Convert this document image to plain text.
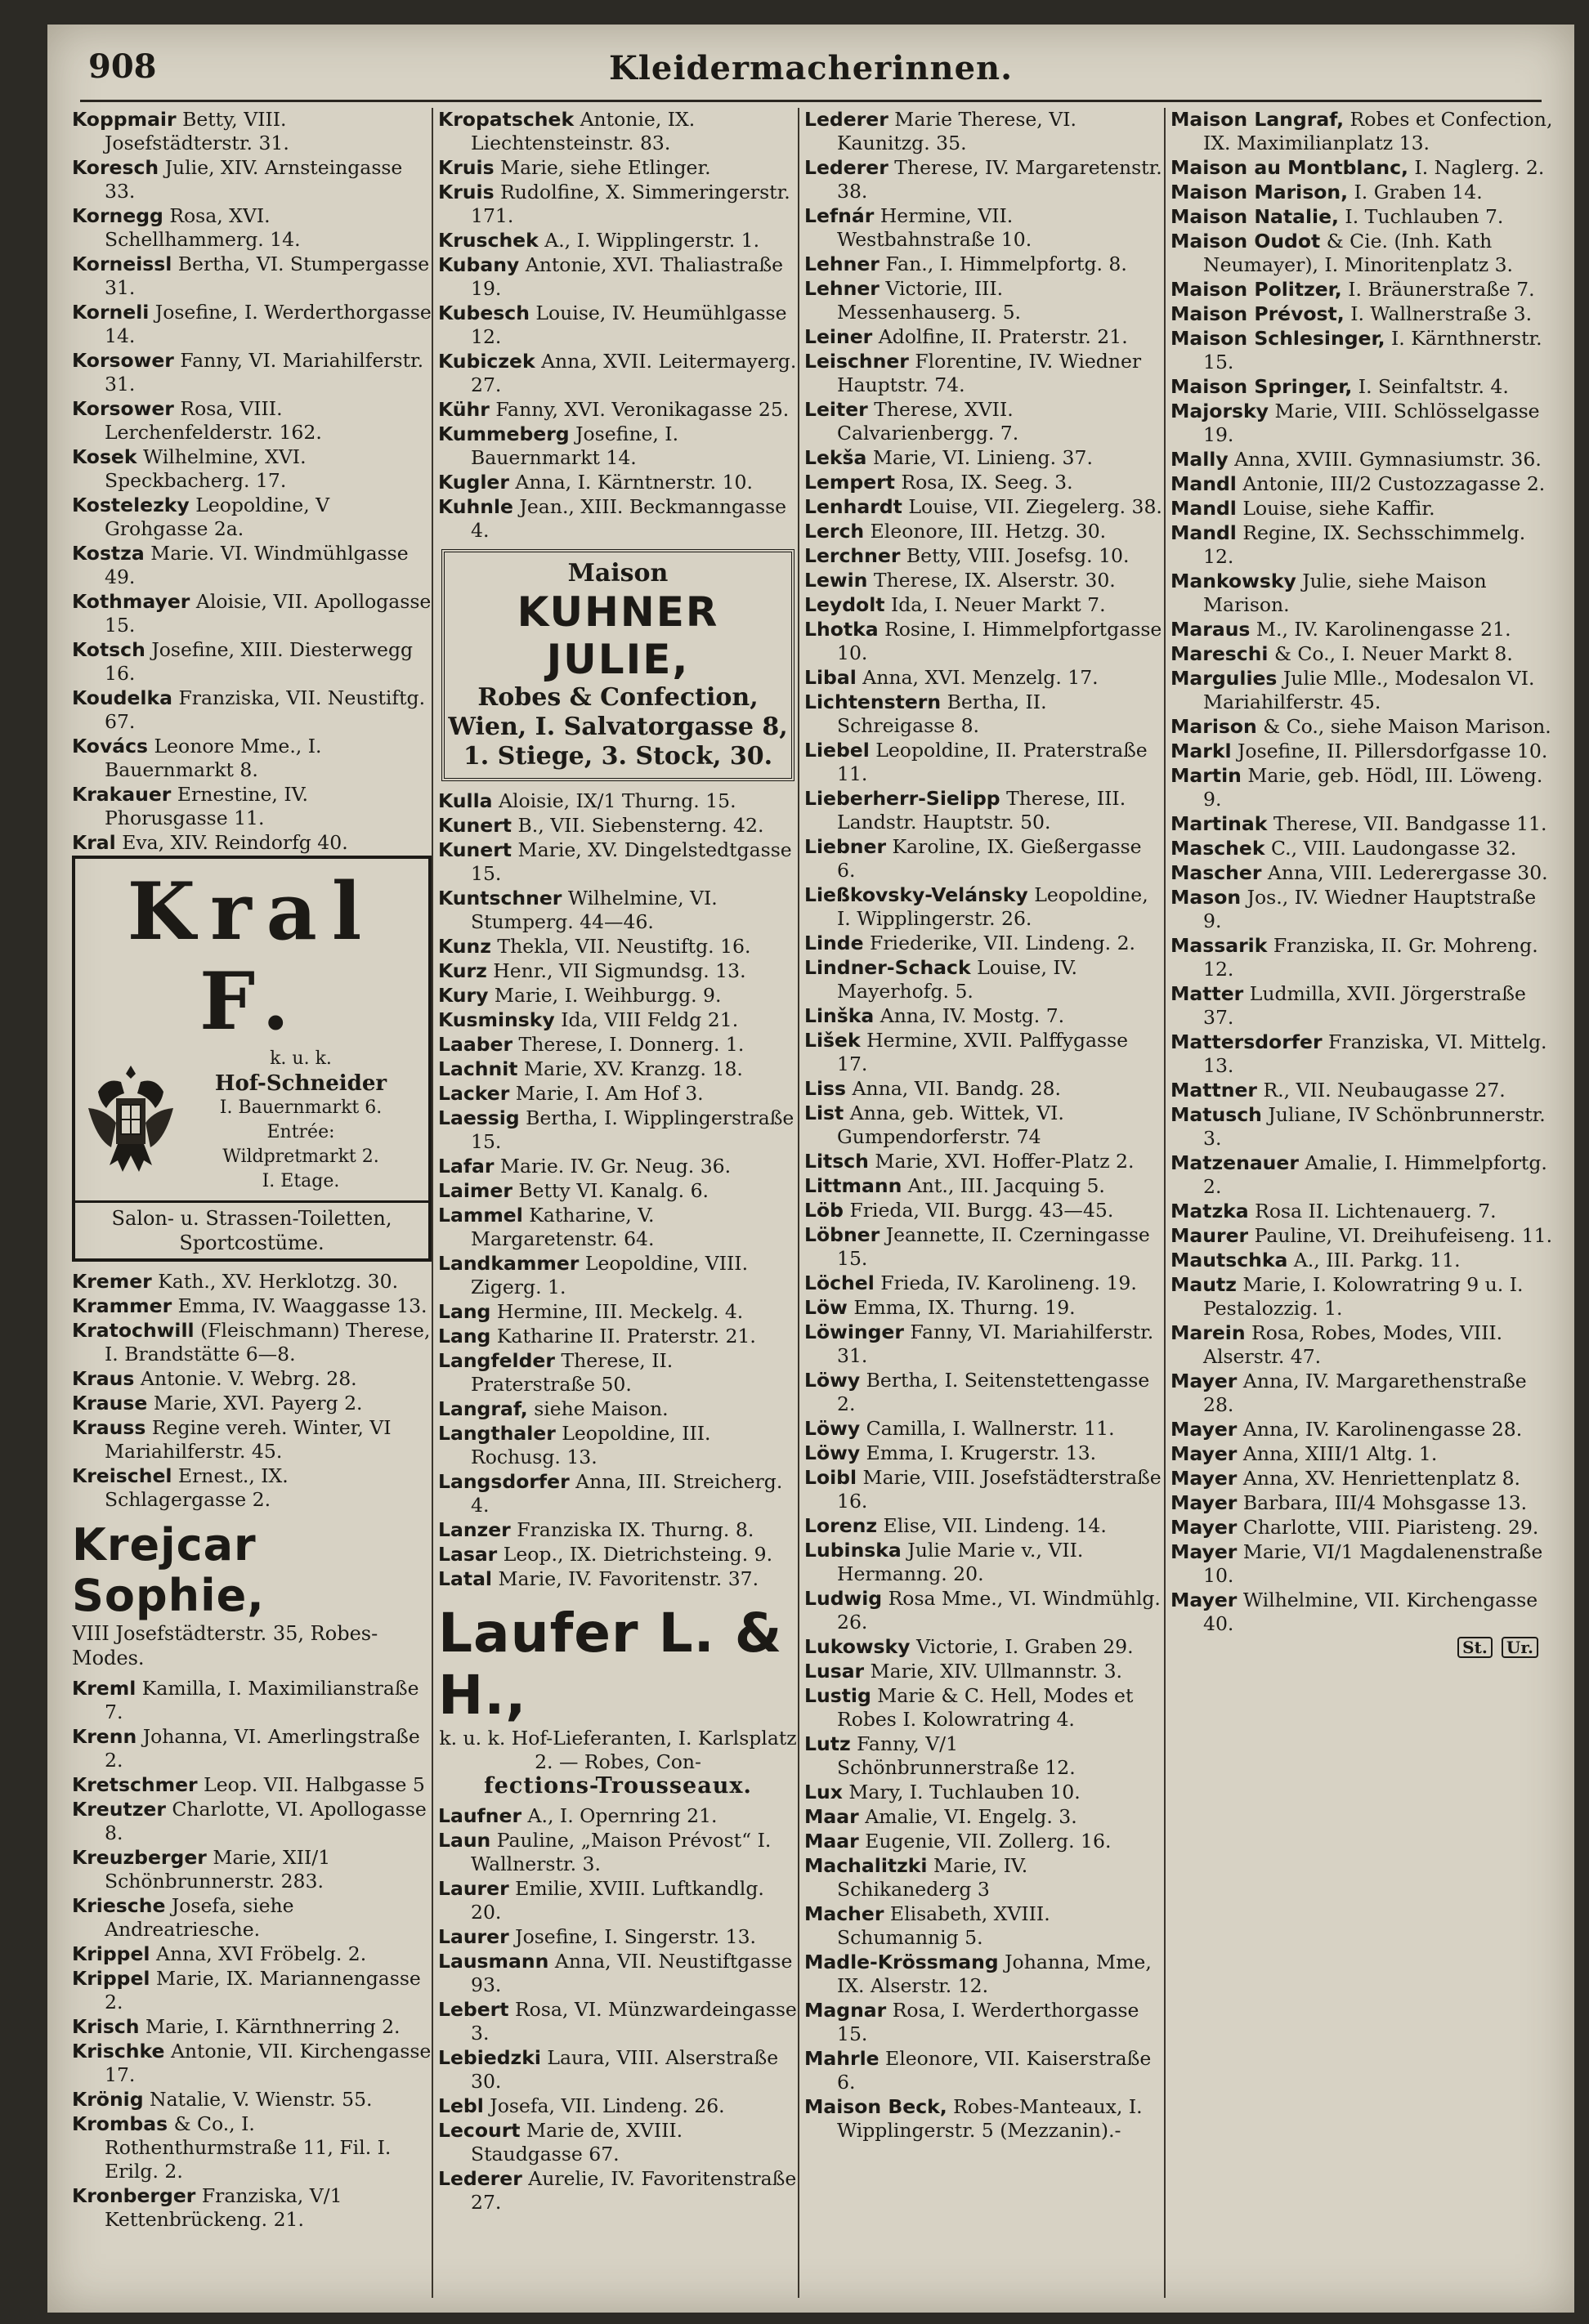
908	Kleidermacherinnen.
Koppmair Betty, VIII. Josefstädterstr. 31.
Koresch Julie, XIV. Arnsteingasse 33.
Kornegg Rosa, XVI. Schellhammerg. 14.
Korneissl Bertha, VI. Stumpergasse 31.
Korneli Josefine, I. Werderthorgasse 14.
Korsower Fanny, VI. Mariahilferstr. 31.
Korsower Rosa, VIII. Lerchenfelderstr. 162.
Kosek Wilhelmine, XVI. Speckbacherg. 17.
Kostelezky Leopoldine, V Grohgasse 2a.
Kostza Marie. VI. Windmühlgasse 49.
Kothmayer Aloisie, VII. Apollogasse 15.
Kotsch Josefine, XIII. Diesterwegg 16.
Koudelka Franziska, VII. Neustiftg. 67.
Kovács Leonore Mme., I. Bauernmarkt 8.
Krakauer Ernestine, IV. Phorusgasse 11.
Kral Eva, XIV. Reindorfg 40.
Kral F.
k. u. k.
Hof-Schneider
I. Bauernmarkt 6.
Entrée:
Wildpretmarkt 2.
I. Etage.
Salon- u. Strassen-Toiletten,
Sportcostüme.
Kremer Kath., XV. Herklotzg. 30.
Krammer Emma, IV. Waaggasse 13.
Kratochwill (Fleischmann) Therese, I. Brandstätte 6—8.
Kraus Antonie. V. Webrg. 28.
Krause Marie, XVI. Payerg 2.
Krauss Regine vereh. Winter, VI Mariahilferstr. 45.
Kreischel Ernest., IX. Schlagergasse 2.
Krejcar Sophie,
VIII Josefstädterstr. 35, Robes-Modes.
Kreml Kamilla, I. Maximilianstraße 7.
Krenn Johanna, VI. Amerlingstraße 2.
Kretschmer Leop. VII. Halbgasse 5
Kreutzer Charlotte, VI. Apollogasse 8.
Kreuzberger Marie, XII/1 Schönbrunnerstr. 283.
Kriesche Josefa, siehe Andreatriesche.
Krippel Anna, XVI Fröbelg. 2.
Krippel Marie, IX. Mariannengasse 2.
Krisch Marie, I. Kärnthnerring 2.
Krischke Antonie, VII. Kirchengasse 17.
Krönig Natalie, V. Wienstr. 55.
Krombas & Co., I. Rothenthurmstraße 11, Fil. I. Erilg. 2.
Kronberger Franziska, V/1 Kettenbrückeng. 21.
Kropatschek Antonie, IX. Liechtensteinstr. 83.
Kruis Marie, siehe Etlinger.
Kruis Rudolfine, X. Simmeringerstr. 171.
Kruschek A., I. Wipplingerstr. 1.
Kubany Antonie, XVI. Thaliastraße 19.
Kubesch Louise, IV. Heumühlgasse 12.
Kubiczek Anna, XVII. Leitermayerg. 27.
Kühr Fanny, XVI. Veronikagasse 25.
Kummeberg Josefine, I. Bauernmarkt 14.
Kugler Anna, I. Kärntnerstr. 10.
Kuhnle Jean., XIII. Beckmanngasse 4.
Maison
KUHNER JULIE,
Robes & Confection,
Wien, I. Salvatorgasse 8,
1. Stiege, 3. Stock, 30.
Kulla Aloisie, IX/1 Thurng. 15.
Kunert B., VII. Siebensterng. 42.
Kunert Marie, XV. Dingelstedtgasse 15.
Kuntschner Wilhelmine, VI. Stumperg. 44—46.
Kunz Thekla, VII. Neustiftg. 16.
Kurz Henr., VII Sigmundsg. 13.
Kury Marie, I. Weihburgg. 9.
Kusminsky Ida, VIII Feldg 21.
Laaber Therese, I. Donnerg. 1.
Lachnit Marie, XV. Kranzg. 18.
Lacker Marie, I. Am Hof 3.
Laessig Bertha, I. Wipplingerstraße 15.
Lafar Marie. IV. Gr. Neug. 36.
Laimer Betty VI. Kanalg. 6.
Lammel Katharine, V. Margaretenstr. 64.
Landkammer Leopoldine, VIII. Zigerg. 1.
Lang Hermine, III. Meckelg. 4.
Lang Katharine II. Praterstr. 21.
Langfelder Therese, II. Praterstraße 50.
Langraf, siehe Maison.
Langthaler Leopoldine, III. Rochusg. 13.
Langsdorfer Anna, III. Streicherg. 4.
Lanzer Franziska IX. Thurng. 8.
Lasar Leop., IX. Dietrichsteing. 9.
Latal Marie, IV. Favoritenstr. 37.
Laufer L. & H.,
k. u. k. Hof-Lieferanten, I. Karlsplatz 2. — Robes, Con-
fections-Trousseaux.
Laufner A., I. Opernring 21.
Laun Pauline, „Maison Prévost“ I. Wallnerstr. 3.
Laurer Emilie, XVIII. Luftkandlg. 20.
Laurer Josefine, I. Singerstr. 13.
Lausmann Anna, VII. Neustiftgasse 93.
Lebert Rosa, VI. Münzwardeingasse 3.
Lebiedzki Laura, VIII. Alserstraße 30.
Lebl Josefa, VII. Lindeng. 26.
Lecourt Marie de, XVIII. Staudgasse 67.
Lederer Aurelie, IV. Favoritenstraße 27.
Lederer Marie Therese, VI. Kaunitzg. 35.
Lederer Therese, IV. Margaretenstr. 38.
Lefnár Hermine, VII. Westbahnstraße 10.
Lehner Fan., I. Himmelpfortg. 8.
Lehner Victorie, III. Messenhauserg. 5.
Leiner Adolfine, II. Praterstr. 21.
Leischner Florentine, IV. Wiedner Hauptstr. 74.
Leiter Therese, XVII. Calvarienbergg. 7.
Lekša Marie, VI. Linieng. 37.
Lempert Rosa, IX. Seeg. 3.
Lenhardt Louise, VII. Ziegelerg. 38.
Lerch Eleonore, III. Hetzg. 30.
Lerchner Betty, VIII. Josefsg. 10.
Lewin Therese, IX. Alserstr. 30.
Leydolt Ida, I. Neuer Markt 7.
Lhotka Rosine, I. Himmelpfortgasse 10.
Libal Anna, XVI. Menzelg. 17.
Lichtenstern Bertha, II. Schreigasse 8.
Liebel Leopoldine, II. Praterstraße 11.
Lieberherr-Sielipp Therese, III. Landstr. Hauptstr. 50.
Liebner Karoline, IX. Gießergasse 6.
Ließkovsky-Velánsky Leopoldine, I. Wipplingerstr. 26.
Linde Friederike, VII. Lindeng. 2.
Lindner-Schack Louise, IV. Mayerhofg. 5.
Linška Anna, IV. Mostg. 7.
Lišek Hermine, XVII. Palffygasse 17.
Liss Anna, VII. Bandg. 28.
List Anna, geb. Wittek, VI. Gumpendorferstr. 74
Litsch Marie, XVI. Hoffer-Platz 2.
Littmann Ant., III. Jacquing 5.
Löb Frieda, VII. Burgg. 43—45.
Löbner Jeannette, II. Czerningasse 15.
Löchel Frieda, IV. Karolineng. 19.
Löw Emma, IX. Thurng. 19.
Löwinger Fanny, VI. Mariahilferstr. 31.
Löwy Bertha, I. Seitenstettengasse 2.
Löwy Camilla, I. Wallnerstr. 11.
Löwy Emma, I. Krugerstr. 13.
Loibl Marie, VIII. Josefstädterstraße 16.
Lorenz Elise, VII. Lindeng. 14.
Lubinska Julie Marie v., VII. Hermanng. 20.
Ludwig Rosa Mme., VI. Windmühlg. 26.
Lukowsky Victorie, I. Graben 29.
Lusar Marie, XIV. Ullmannstr. 3.
Lustig Marie & C. Hell, Modes et Robes I. Kolowratring 4.
Lutz Fanny, V/1 Schönbrunnerstraße 12.
Lux Mary, I. Tuchlauben 10.
Maar Amalie, VI. Engelg. 3.
Maar Eugenie, VII. Zollerg. 16.
Machalitzki Marie, IV. Schikanederg 3
Macher Elisabeth, XVIII. Schumannig 5.
Madle-Krössmang Johanna, Mme, IX. Alserstr. 12.
Magnar Rosa, I. Werderthorgasse 15.
Mahrle Eleonore, VII. Kaiserstraße 6.
Maison Beck, Robes-Manteaux, I. Wipplingerstr. 5 (Mezzanin).-
Maison Langraf, Robes et Confection, IX. Maximilianplatz 13.
Maison au Montblanc, I. Naglerg. 2.
Maison Marison, I. Graben 14.
Maison Natalie, I. Tuchlauben 7.
Maison Oudot & Cie. (Inh. Kath Neumayer), I. Minoritenplatz 3.
Maison Politzer, I. Bräunerstraße 7.
Maison Prévost, I. Wallnerstraße 3.
Maison Schlesinger, I. Kärnthnerstr. 15.
Maison Springer, I. Seinfaltstr. 4.
Majorsky Marie, VIII. Schlösselgasse 19.
Mally Anna, XVIII. Gymnasiumstr. 36.
Mandl Antonie, III/2 Custozzagasse 2.
Mandl Louise, siehe Kaffir.
Mandl Regine, IX. Sechsschimmelg. 12.
Mankowsky Julie, siehe Maison Marison.
Maraus M., IV. Karolinengasse 21.
Mareschi & Co., I. Neuer Markt 8.
Margulies Julie Mlle., Modesalon VI. Mariahilferstr. 45.
Marison & Co., siehe Maison Marison.
Markl Josefine, II. Pillersdorfgasse 10.
Martin Marie, geb. Hödl, III. Löweng. 9.
Martinak Therese, VII. Bandgasse 11.
Maschek C., VIII. Laudongasse 32.
Mascher Anna, VIII. Lederergasse 30.
Mason Jos., IV. Wiedner Hauptstraße 9.
Massarik Franziska, II. Gr. Mohreng. 12.
Matter Ludmilla, XVII. Jörgerstraße 37.
Mattersdorfer Franziska, VI. Mittelg. 13.
Mattner R., VII. Neubaugasse 27.
Matusch Juliane, IV Schönbrunnerstr. 3.
Matzenauer Amalie, I. Himmelpfortg. 2.
Matzka Rosa II. Lichtenauerg. 7.
Maurer Pauline, VI. Dreihufeiseng. 11.
Mautschka A., III. Parkg. 11.
Mautz Marie, I. Kolowratring 9 u. I. Pestalozzig. 1.
Marein Rosa, Robes, Modes, VIII. Alserstr. 47.
Mayer Anna, IV. Margarethenstraße 28.
Mayer Anna, IV. Karolinengasse 28.
Mayer Anna, XIII/1 Altg. 1.
Mayer Anna, XV. Henriettenplatz 8.
Mayer Barbara, III/4 Mohsgasse 13.
Mayer Charlotte, VIII. Piaristeng. 29.
Mayer Marie, VI/1 Magdalenenstraße 10.
Mayer Wilhelmine, VII. Kirchengasse 40.
St. Ur.
